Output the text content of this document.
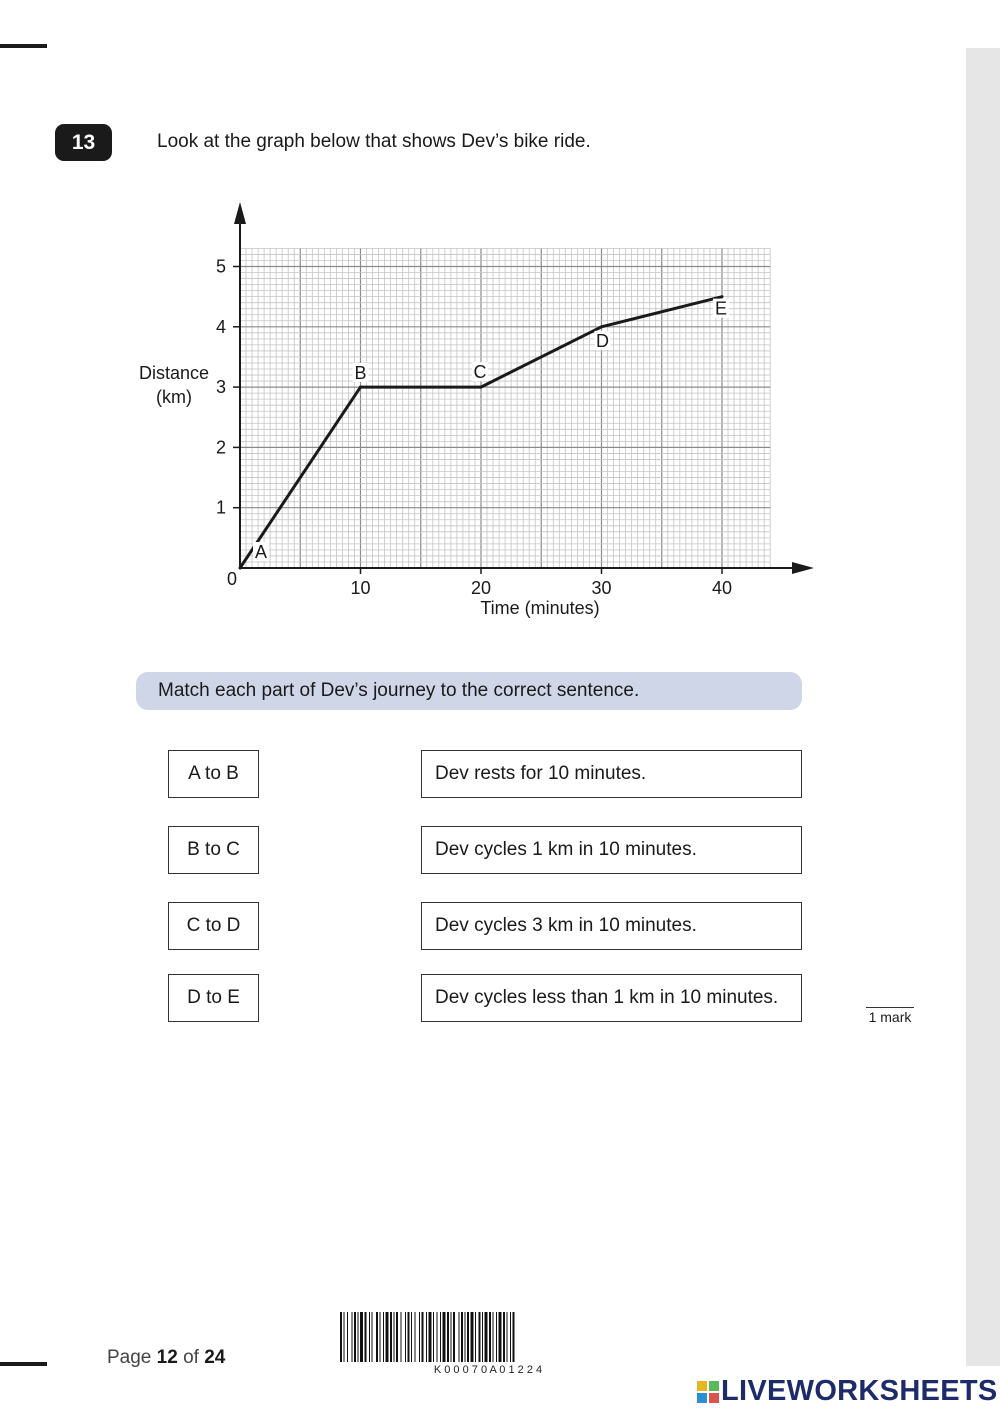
13	Look at the graph below that shows Dev’s bike ride.
10	20	30	40
1
2
3
4
5
0
A
B	C
D
E
Time (minutes)
Distance
(km)
Match each part of Dev’s journey to the correct sentence.
A to B
B to C
C to D
D to E
Dev rests for 10 minutes.
Dev cycles 1 km in 10 minutes.
Dev cycles 3 km in 10 minutes.
Dev cycles less than 1 km in 10 minutes.
1 mark
Page 12 of 24
K 0 0 0 7 0 A 0 1 2 2 4
LIVEWORKSHEETS
